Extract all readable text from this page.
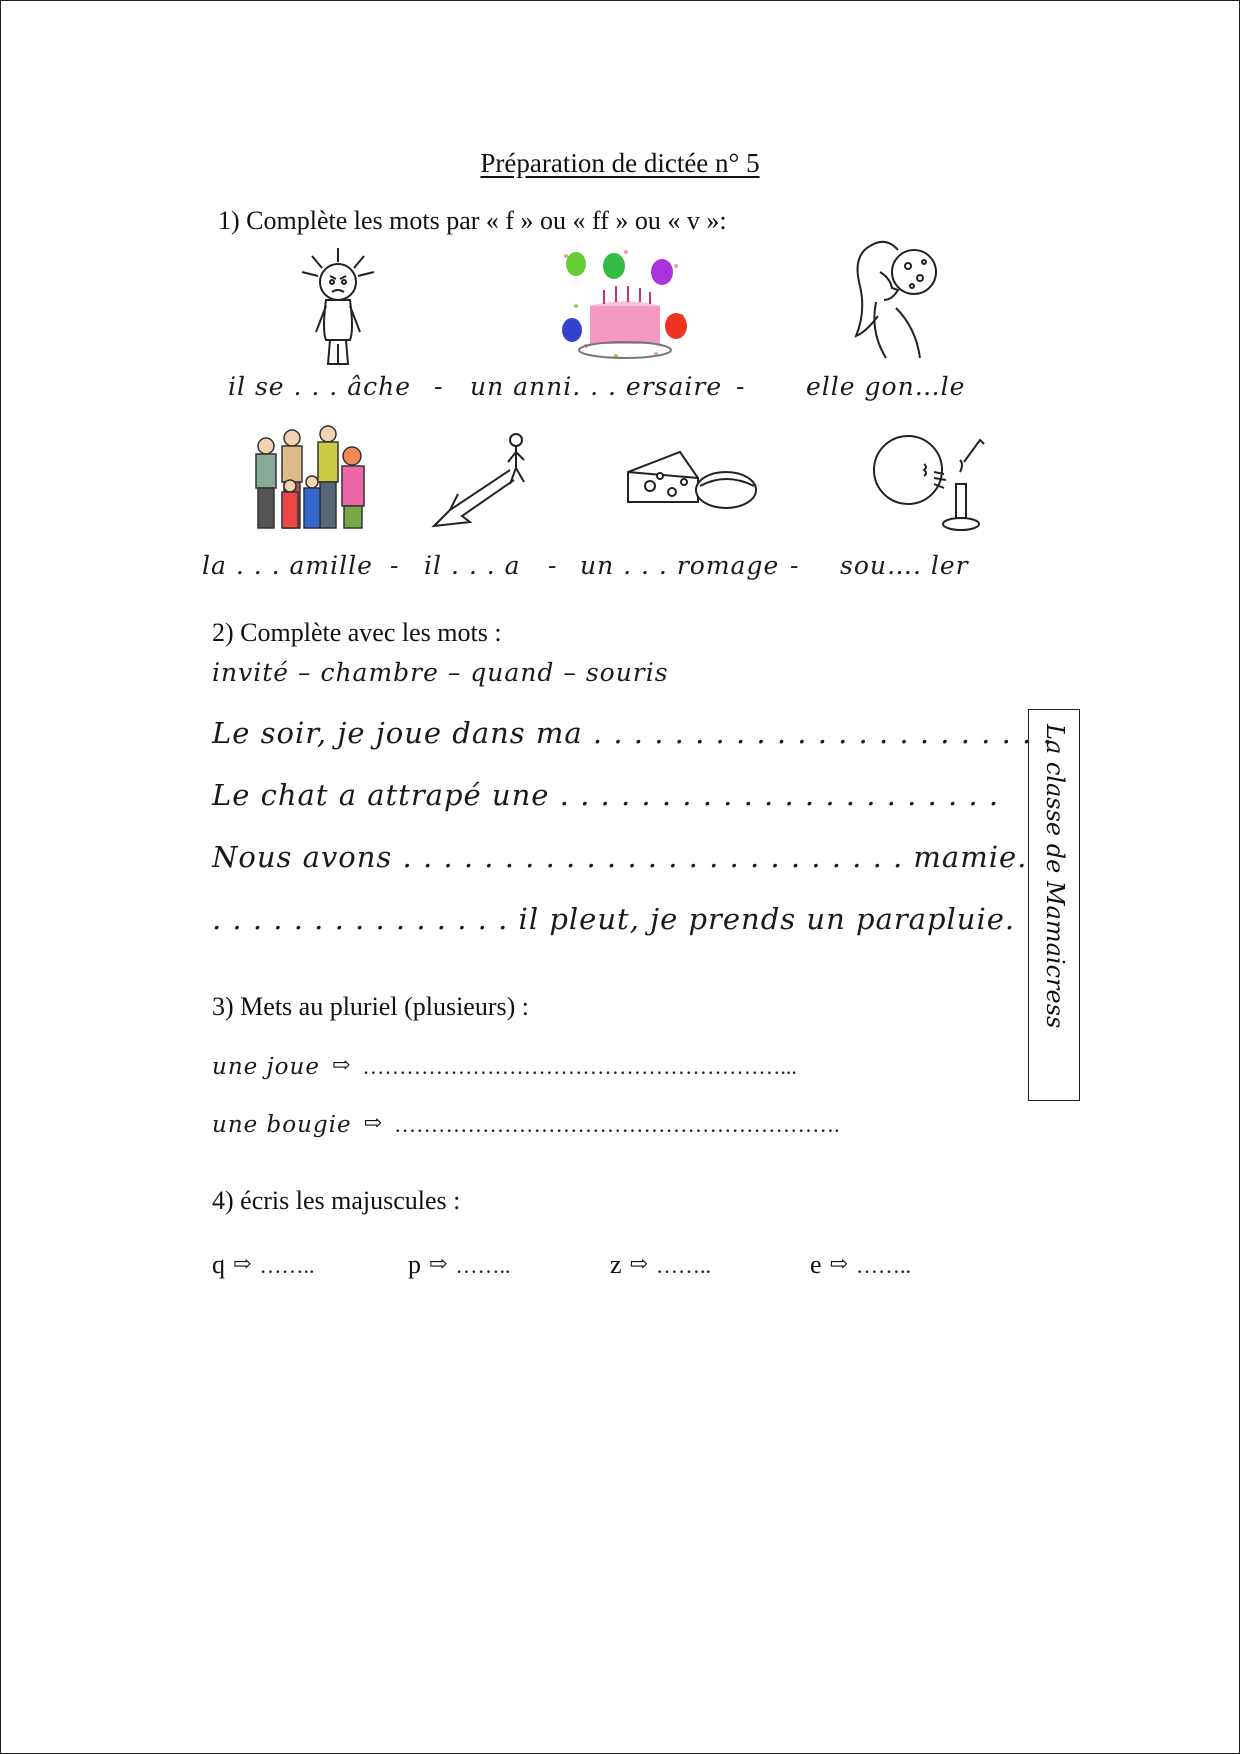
Préparation de dictée n° 5
1) Complète les mots par « f » ou « ff » ou « v »:
il se . . . âche - un anni. . . ersaire - elle gon…le
la . . . amille - il . . . a - un . . . romage - sou…. ler
2) Complète avec les mots :
invité – chambre – quand – souris
Le soir, je joue dans ma . . . . . . . . . . . . . . . . . . . . . . .
Le chat a attrapé une . . . . . . . . . . . . . . . . . . . . . .
Nous avons . . . . . . . . . . . . . . . . . . . . . . . . . mamie.
. . . . . . . . . . . . . . . il pleut, je prends un parapluie.
3) Mets au pluriel (plusieurs) :
une joue ⇨ …………………………………………………...
une bougie ⇨ …………………………………………………….
4) écris les majuscules :
q ⇨ ……..	p ⇨ ……..	z ⇨ ……..	e ⇨ ……..
La classe de Mamaicress
